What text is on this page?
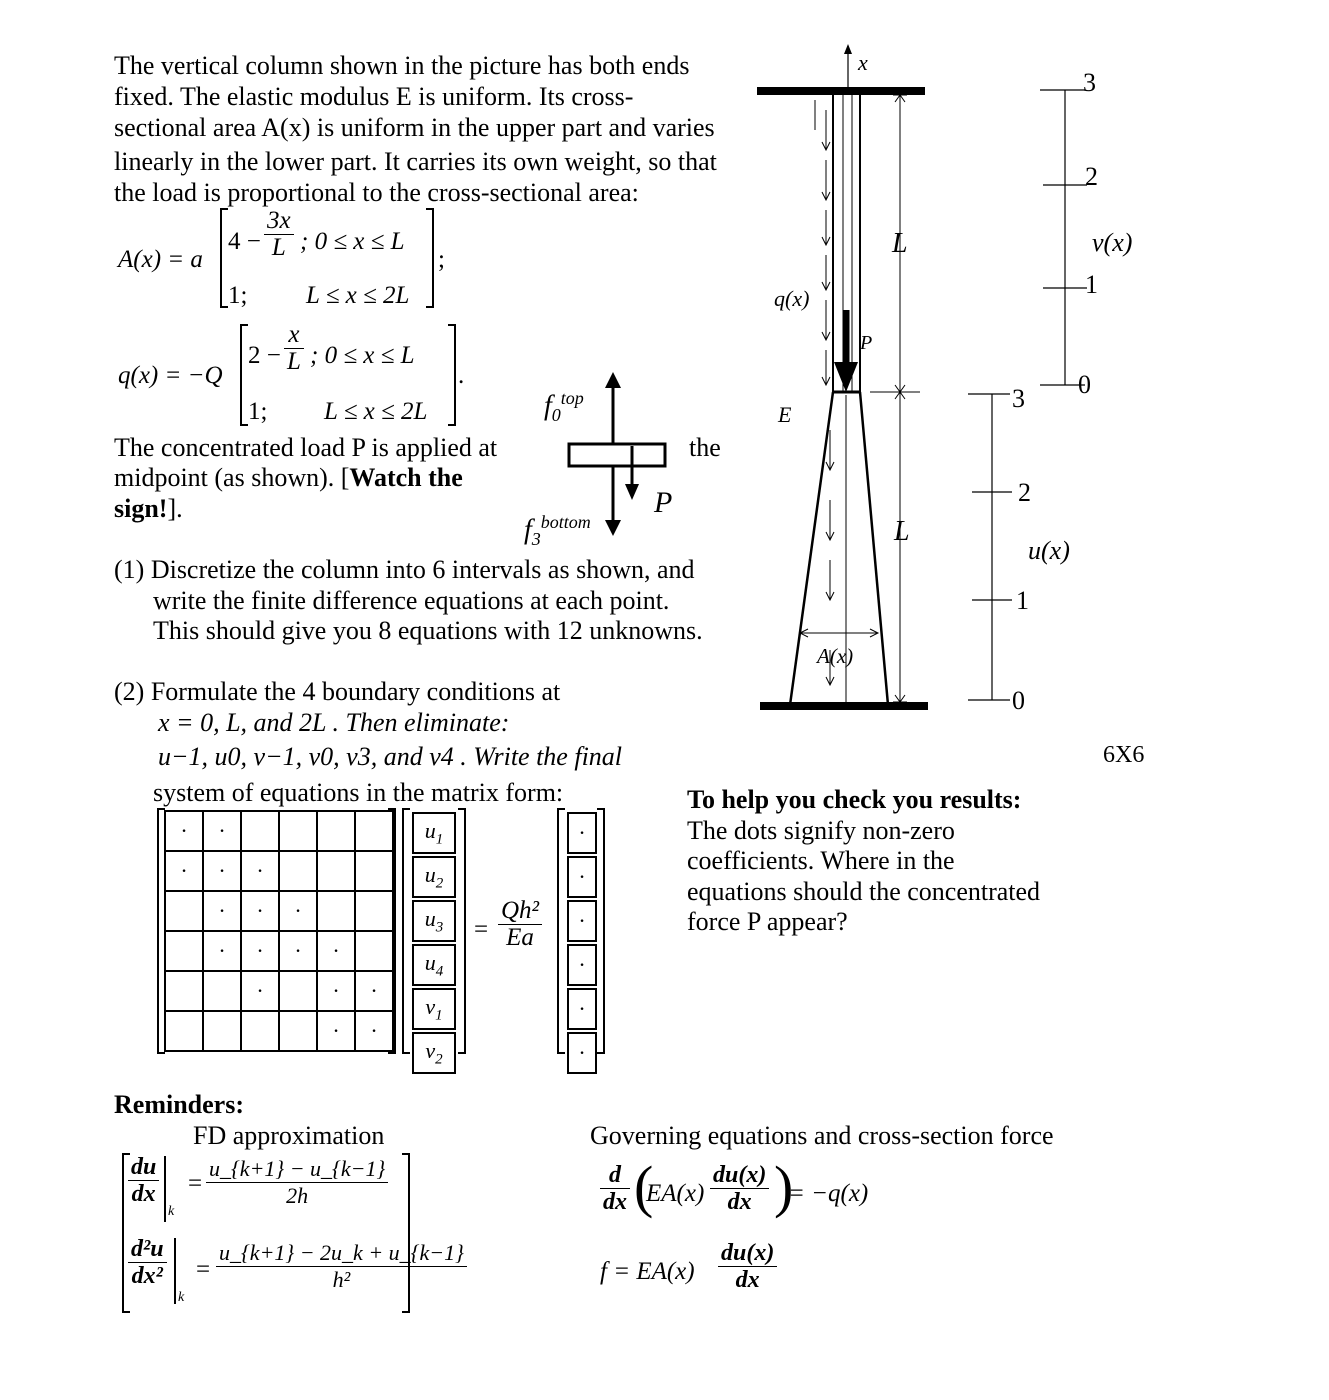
The vertical column shown in the picture has both ends
fixed. The elastic modulus E is uniform. Its cross-
sectional area A(x) is uniform in the upper part and varies
linearly in the lower part. It carries its own weight, so that
the load is proportional to the cross-sectional area:
A(x) = a
$4 - \frac{3x}{L}$ ; 0 ≤ x ≤ L
1; L ≤ x ≤ 2L
;
q(x) = −Q
$2 - \frac{x}{L}$ ; 0 ≤ x ≤ L
1; L ≤ x ≤ 2L
.
The concentrated load P is applied at	the
midpoint (as shown). [Watch the
sign!].
$f_0^{top}$
$f_3^{bottom}$
P
(1) Discretize the column into 6 intervals as shown, and
write the finite difference equations at each point.
This should give you 8 equations with 12 unknowns.
(2) Formulate the 4 boundary conditions at
x = 0, L, and 2L . Then eliminate:
u−1, u0, v−1, v0, v3, and v4 . Write the final
system of equations in the matrix form:
·	·				
·	·	·			
	·	·	·		
	·	·	·	·	
		·		·	·
				·	·
$u_1$
$u_2$
$u_3$
$u_4$
$v_1$
$v_2$
= $\frac{\text{Qh²}}{Ea}$
·
·
·
·
·
·
6X6
To help you check you results:
The dots signify non-zero
coefficients. Where in the
equations should the concentrated
force P appear?
Reminders:
FD approximation
$\frac{du}{dx}$
k
= $\frac{u\_\{k+1\} - u\_\{k-1\}}{2h}$
$\frac{\text{d²u}}{\text{dx²}}$
k
= $\frac{u\_\{k+1\} - 2u\_k + u\_\{k-1\}}{\text{h²}}$
Governing equations and cross-section force
$\frac{d}{dx}$ (
$EA(x) \frac{du(x)}{dx}$ )
= −q(x)
$f = EA(x) \frac{du(x)}{dx}$
x
L
L
q(x)
P
E
A(x)
v(x)
u(x)
3
2
1
0
3
2
1
0
